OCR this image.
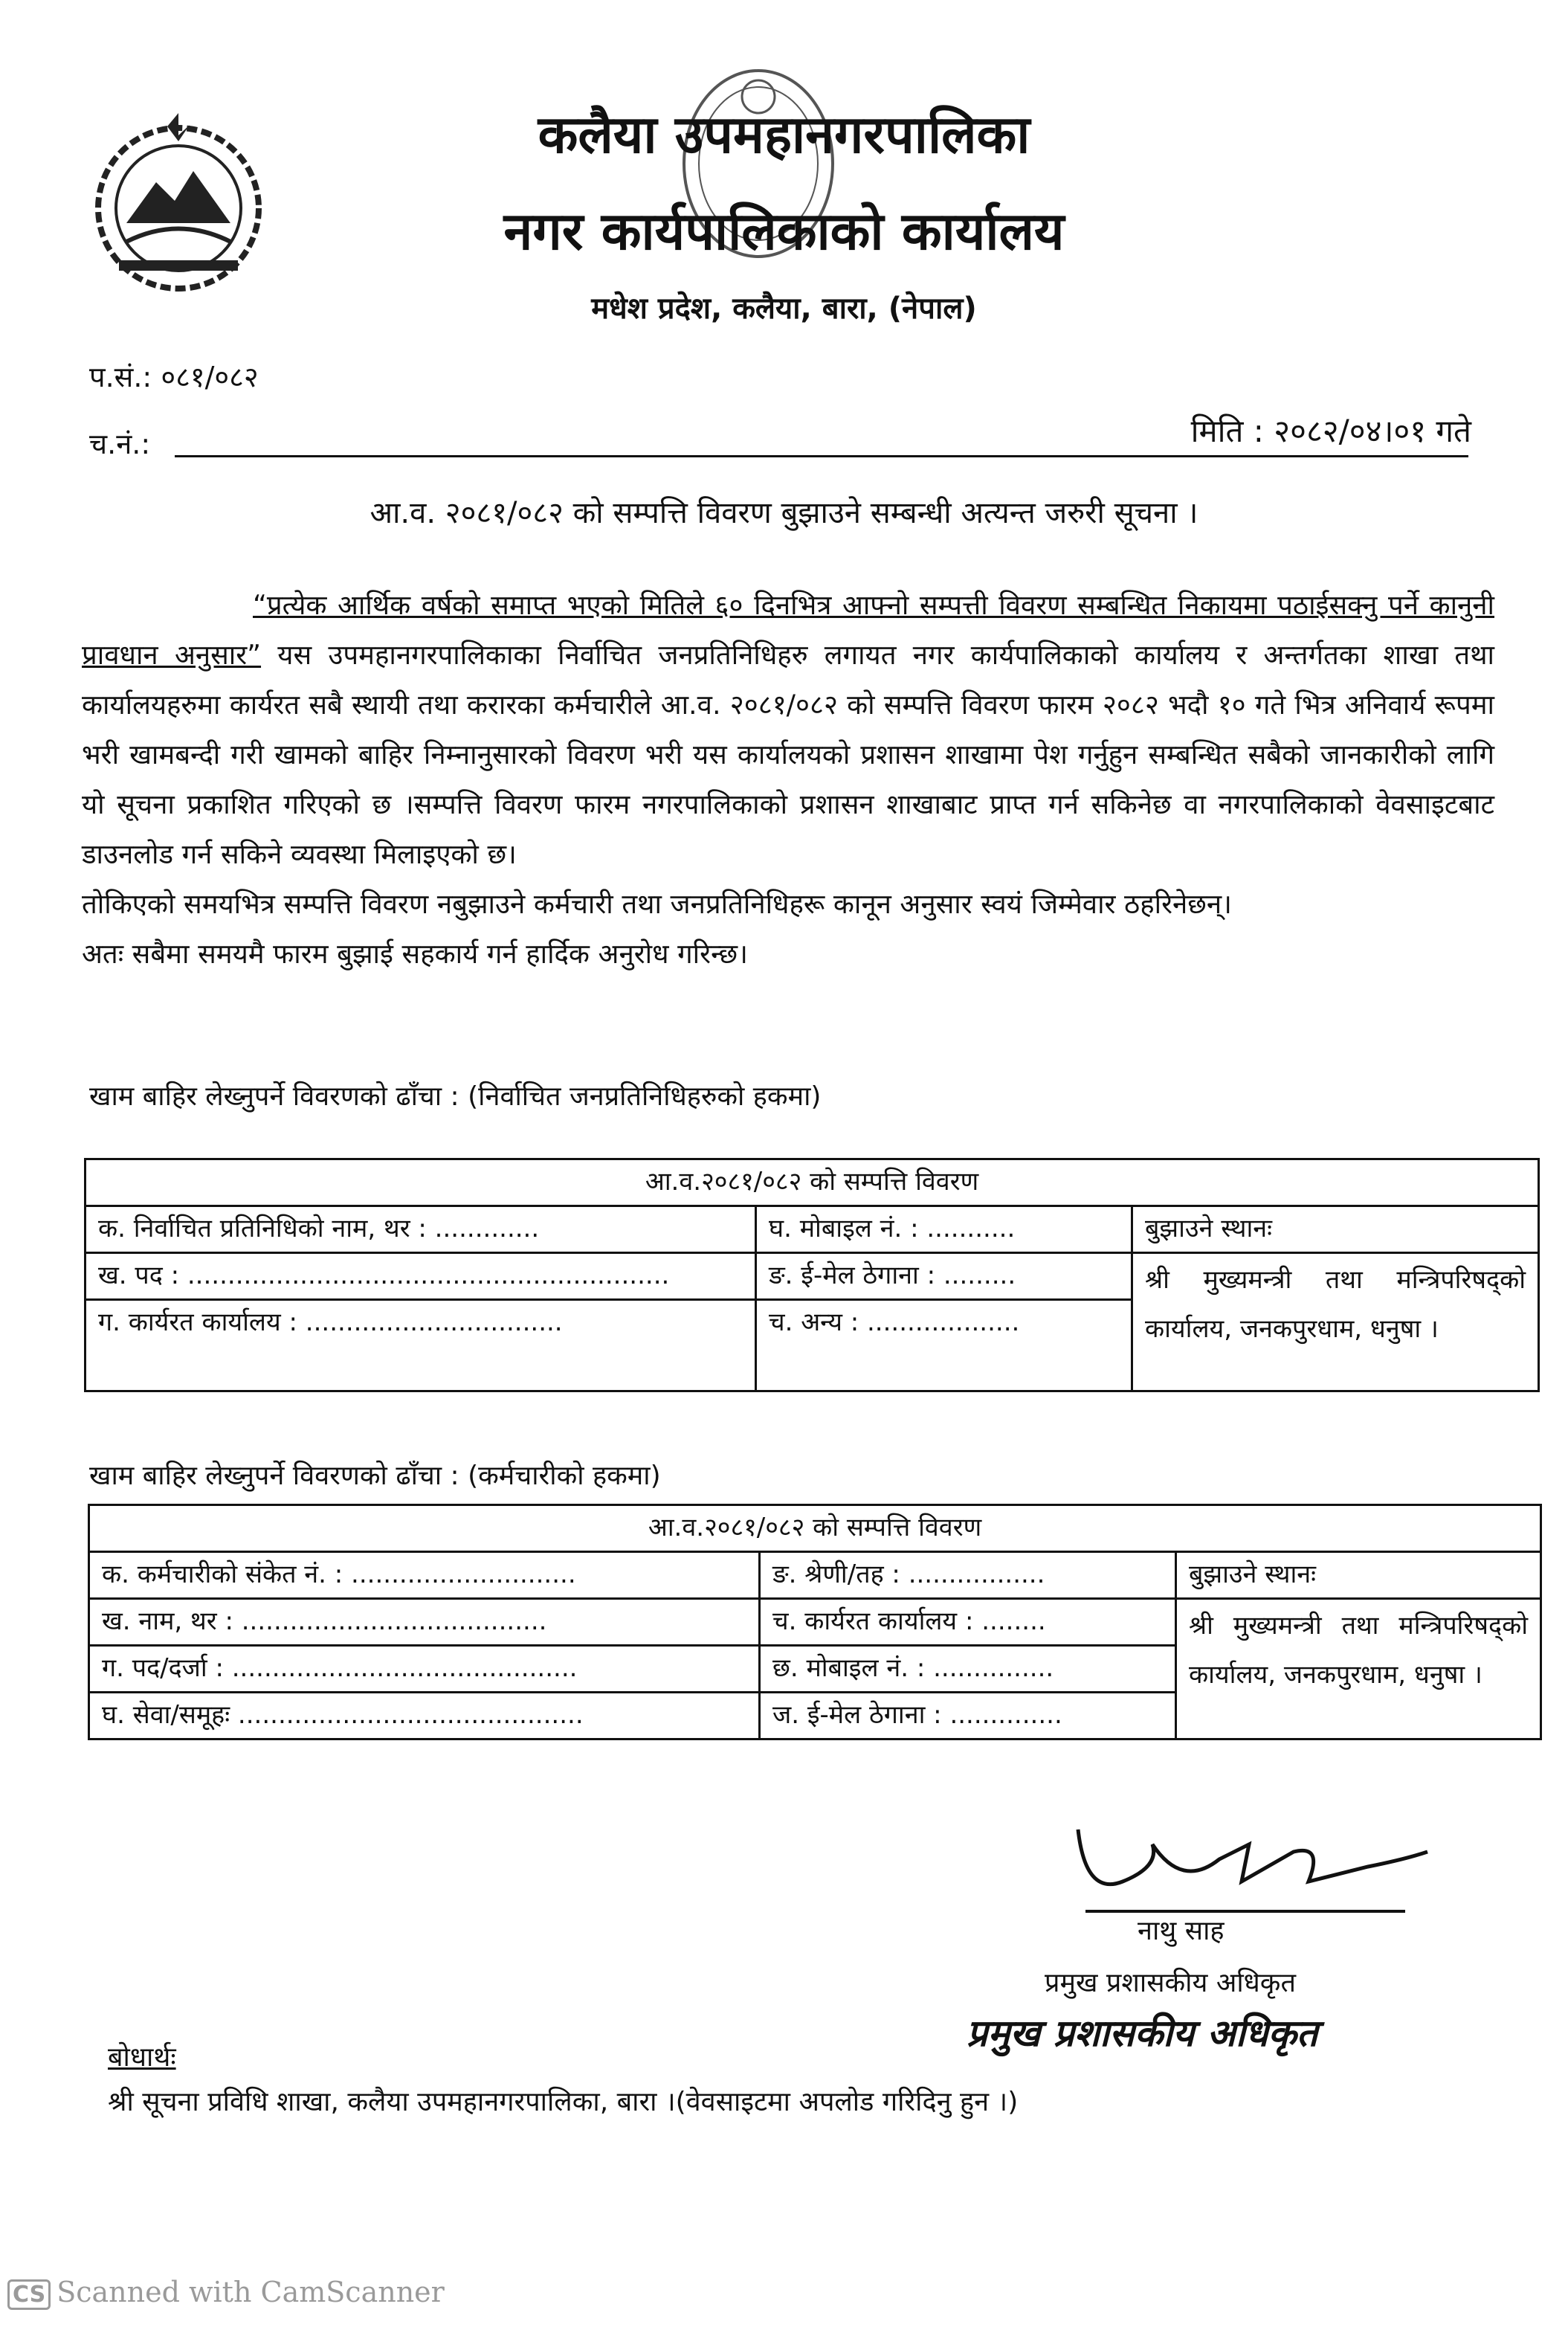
कलैया उपमहानगरपालिका
नगर कार्यपालिकाको कार्यालय
मधेश प्रदेश, कलैया, बारा, (नेपाल)
प.सं.: ०८१/०८२
च.नं.:	मिति : २०८२/०४।०१ गते
आ.व. २०८१/०८२ को सम्पत्ति विवरण बुझाउने सम्बन्धी अत्यन्त जरुरी सूचना ।

“प्रत्येक आर्थिक वर्षको समाप्त भएको मितिले ६० दिनभित्र आफ्नो सम्पत्ती विवरण सम्बन्धित निकायमा पठाईसक्नु पर्ने कानुनी प्रावधान अनुसार” यस उपमहानगरपालिकाका निर्वाचित जनप्रतिनिधिहरु लगायत नगर कार्यपालिकाको कार्यालय र अन्तर्गतका शाखा तथा कार्यालयहरुमा कार्यरत सबै स्थायी तथा करारका कर्मचारीले आ.व. २०८१/०८२ को सम्पत्ति विवरण फारम २०८२ भदौ १० गते भित्र अनिवार्य रूपमा भरी खामबन्दी गरी खामको बाहिर निम्नानुसारको विवरण भरी यस कार्यालयको प्रशासन शाखामा पेश गर्नुहुन सम्बन्धित सबैको जानकारीको लागि यो सूचना प्रकाशित गरिएको छ ।सम्पत्ति विवरण फारम नगरपालिकाको प्रशासन शाखाबाट प्राप्त गर्न सकिनेछ वा नगरपालिकाको वेवसाइटबाट डाउनलोड गर्न सकिने व्यवस्था मिलाइएको छ।

तोकिएको समयभित्र सम्पत्ति विवरण नबुझाउने कर्मचारी तथा जनप्रतिनिधिहरू कानून अनुसार स्वयं जिम्मेवार ठहरिनेछन्।

अतः सबैमा समयमै फारम बुझाई सहकार्य गर्न हार्दिक अनुरोध गरिन्छ।

खाम बाहिर लेख्नुपर्ने विवरणको ढाँचा : (निर्वाचित जनप्रतिनिधिहरुको हकमा)
आ.व.२०८१/०८२ को सम्पत्ति विवरण		
क. निर्वाचित प्रतिनिधिको नाम, थर : .............	घ. मोबाइल नं. : ...........	बुझाउने स्थानः
ख. पद : ............................................................	ङ. ई-मेल ठेगाना : .........	श्री मुख्यमन्त्री तथा मन्त्रिपरिषद्को कार्यालय, जनकपुरधाम, धनुषा ।
ग. कार्यरत कार्यालय : ................................	च. अन्य : ...................	
खाम बाहिर लेख्नुपर्ने विवरणको ढाँचा : (कर्मचारीको हकमा)
आ.व.२०८१/०८२ को सम्पत्ति विवरण		
क. कर्मचारीको संकेत नं. : ............................	ङ. श्रेणी/तह : .................	बुझाउने स्थानः
ख. नाम, थर : ......................................	च. कार्यरत कार्यालय : ........	श्री मुख्यमन्त्री तथा मन्त्रिपरिषद्को कार्यालय, जनकपुरधाम, धनुषा ।
ग. पद/दर्जा : ...........................................	छ. मोबाइल नं. : ...............	
घ. सेवा/समूहः ...........................................	ज. ई-मेल ठेगाना : ..............	
नाथु साह
प्रमुख प्रशासकीय अधिकृत
प्रमुख प्रशासकीय अधिकृत
बोधार्थः
श्री सूचना प्रविधि शाखा, कलैया उपमहानगरपालिका, बारा ।(वेवसाइटमा अपलोड गरिदिनु हुन ।)
CS Scanned with CamScanner
